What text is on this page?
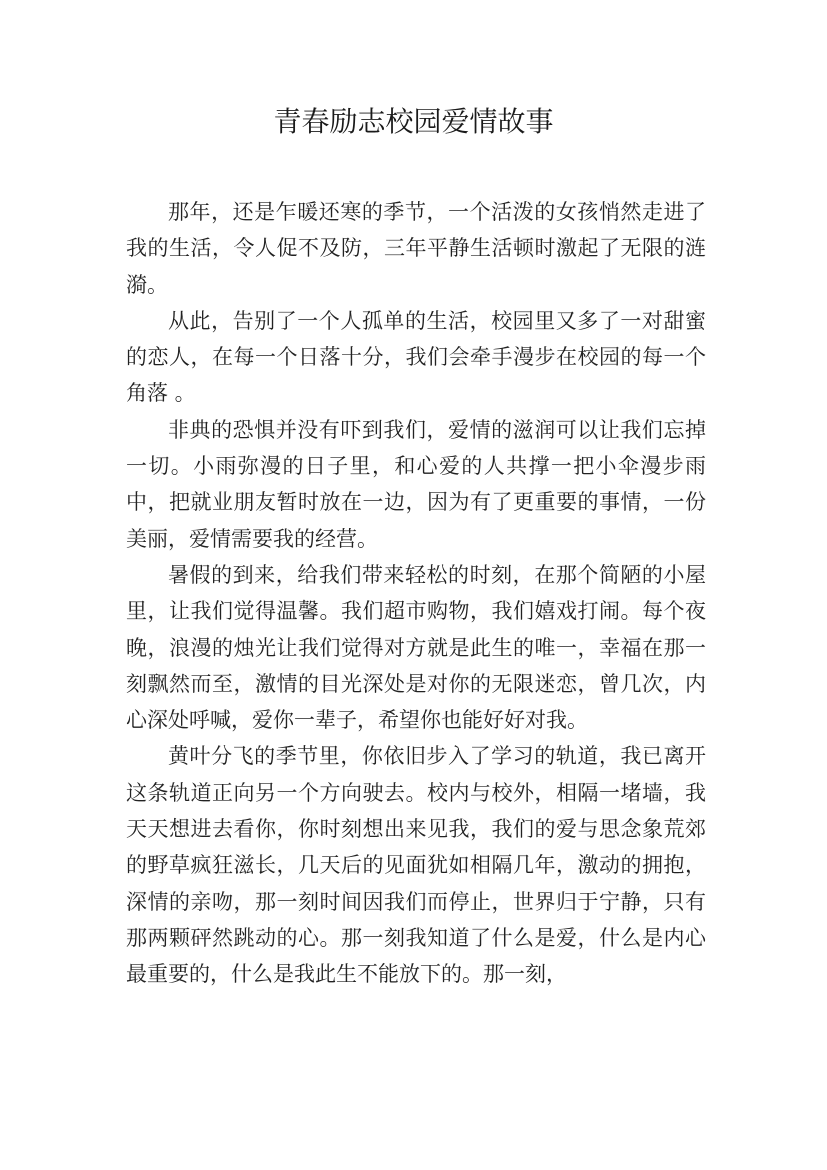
青春励志校园爱情故事

那年，还是乍暖还寒的季节，一个活泼的女孩悄然走进了我的生活，令人促不及防，三年平静生活顿时激起了无限的涟漪。

从此，告别了一个人孤单的生活，校园里又多了一对甜蜜的恋人，在每一个日落十分，我们会牵手漫步在校园的每一个角落 。

非典的恐惧并没有吓到我们，爱情的滋润可以让我们忘掉一切。小雨弥漫的日子里，和心爱的人共撑一把小伞漫步雨中，把就业朋友暂时放在一边，因为有了更重要的事情，一份美丽，爱情需要我的经营。

暑假的到来，给我们带来轻松的时刻，在那个简陋的小屋里，让我们觉得温馨。我们超市购物，我们嬉戏打闹。每个夜晚，浪漫的烛光让我们觉得对方就是此生的唯一，幸福在那一刻飘然而至，激情的目光深处是对你的无限迷恋，曾几次，内心深处呼喊，爱你一辈子，希望你也能好好对我。

黄叶分飞的季节里，你依旧步入了学习的轨道，我已离开这条轨道正向另一个方向驶去。校内与校外，相隔一堵墙，我天天想进去看你，你时刻想出来见我，我们的爱与思念象荒郊的野草疯狂滋长，几天后的见面犹如相隔几年，激动的拥抱，深情的亲吻，那一刻时间因我们而停止，世界归于宁静，只有那两颗砰然跳动的心。那一刻我知道了什么是爱，什么是内心最重要的，什么是我此生不能放下的。那一刻，
